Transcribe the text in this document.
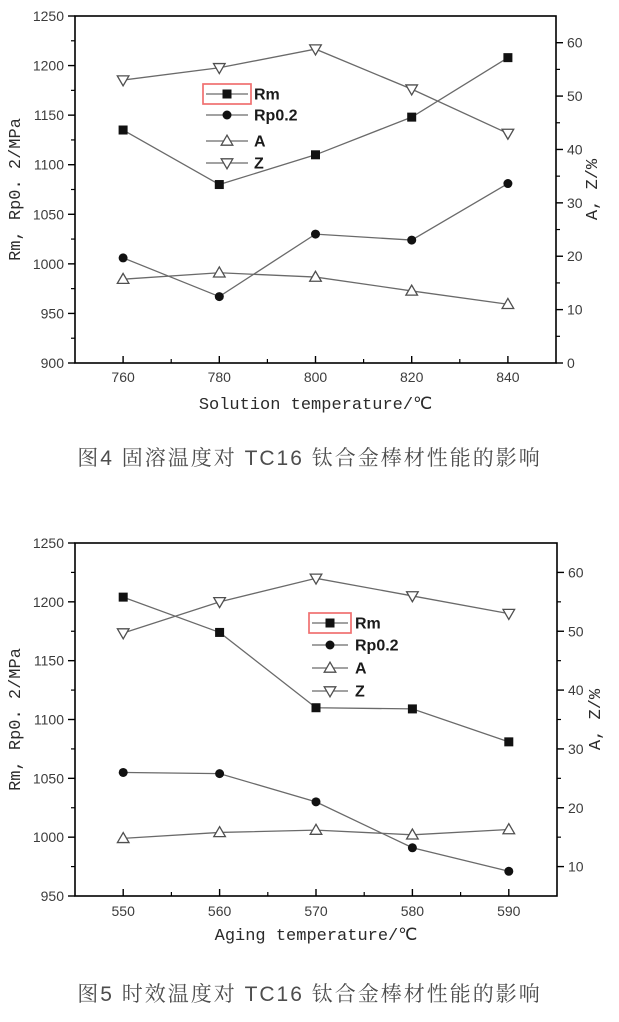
900
950
1000
1050
1100
1150
1200
1250
0
10
20
30
40
50
60
760	780	800	820	840
Solution temperature/℃
Rm, Rp0. 2/MPa	A, Z/%
Rm
Rp0.2
A
Z
图4 固溶温度对 TC16 钛合金棒材性能的影响
950
1000
1050
1100
1150
1200
1250
10
20
30
40
50
60
550	560	570	580	590
Aging temperature/℃
Rm, Rp0. 2/MPa	A, Z/%
Rm
Rp0.2
A
Z
图5 时效温度对 TC16 钛合金棒材性能的影响
